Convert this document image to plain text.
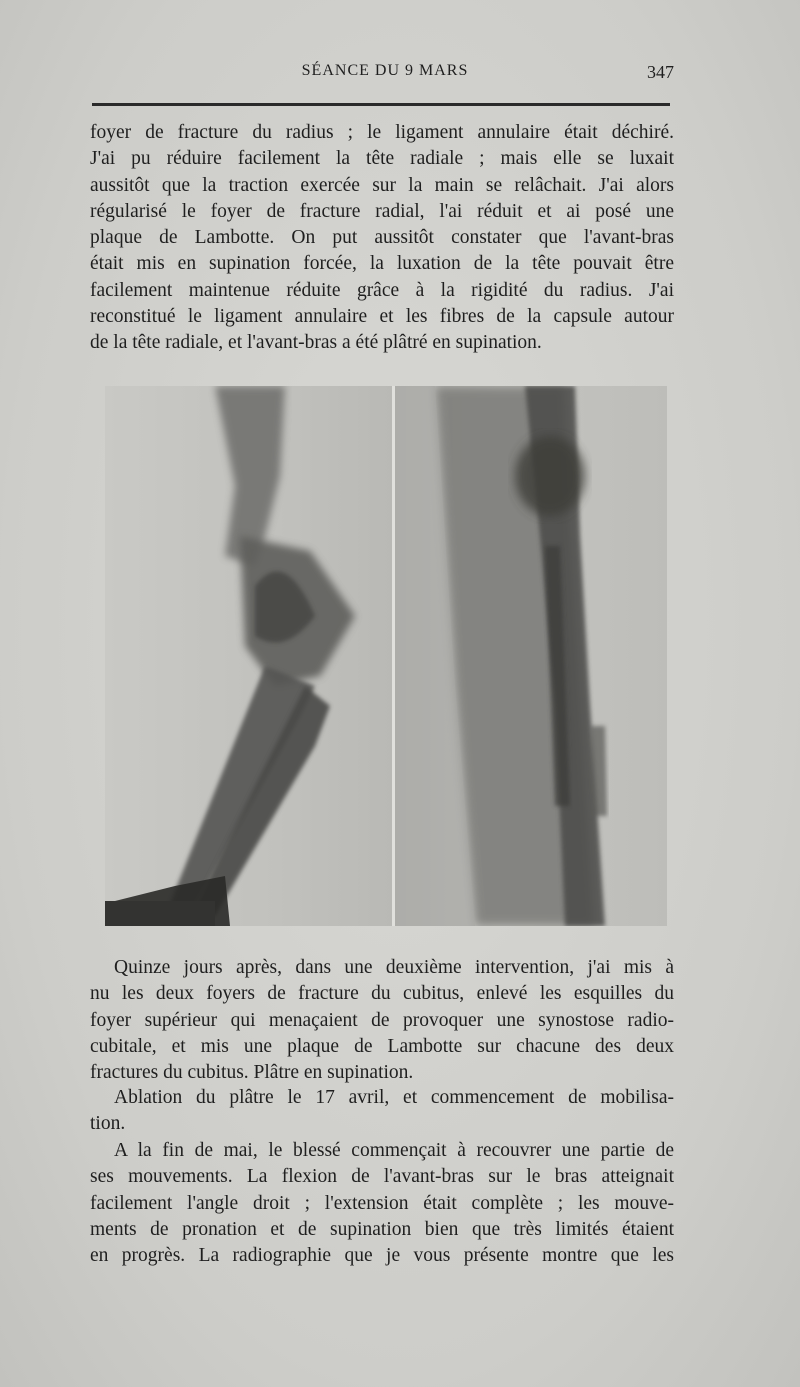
SÉANCE DU 9 MARS	347
foyer de fracture du radius ; le ligament annulaire était déchiré.
J'ai pu réduire facilement la tête radiale ; mais elle se luxait
aussitôt que la traction exercée sur la main se relâchait. J'ai alors
régularisé le foyer de fracture radial, l'ai réduit et ai posé une
plaque de Lambotte. On put aussitôt constater que l'avant-bras
était mis en supination forcée, la luxation de la tête pouvait être
facilement maintenue réduite grâce à la rigidité du radius. J'ai
reconstitué le ligament annulaire et les fibres de la capsule autour
de la tête radiale, et l'avant-bras a été plâtré en supination.
Quinze jours après, dans une deuxième intervention, j'ai mis à
nu les deux foyers de fracture du cubitus, enlevé les esquilles du
foyer supérieur qui menaçaient de provoquer une synostose radio-
cubitale, et mis une plaque de Lambotte sur chacune des deux
fractures du cubitus. Plâtre en supination.
Ablation du plâtre le 17 avril, et commencement de mobilisa-
tion.
A la fin de mai, le blessé commençait à recouvrer une partie de
ses mouvements. La flexion de l'avant-bras sur le bras atteignait
facilement l'angle droit ; l'extension était complète ; les mouve-
ments de pronation et de supination bien que très limités étaient
en progrès. La radiographie que je vous présente montre que les
